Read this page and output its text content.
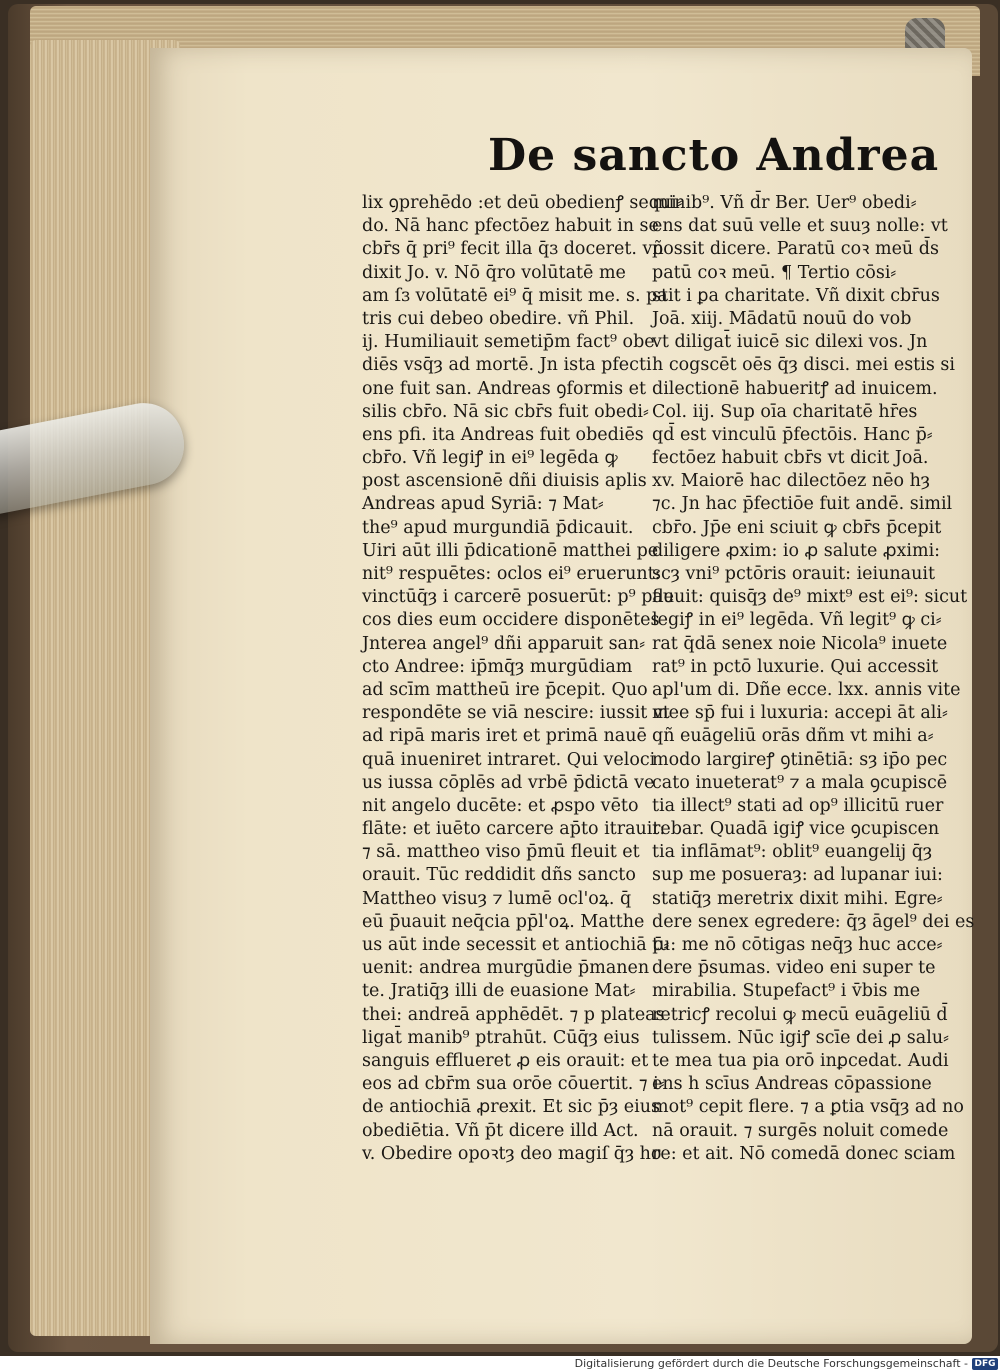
De sancto Andrea
lix ꝯprehēdo :et deū obedienꝭ sequi⸗
do. Nā hanc pfectōez habuit in se
cbr̄s q̄ pri⁹ fecit illa q̄ɜ doceret. vñ
dixit Jo. v. Nō q̄ro volūtatē me
am ſɜ volūtatē ei⁹ q̄ misit me. s. pa
tris cui debeo obedire. vñ Phil.
ij. Humiliauit semetip̄m fact⁹ obe
diēs vsq̄ȝ ad mortē. Jn ista pfecti
one fuit san. Andreas ꝯformis et
silis cbr̄o. Nā sic cbr̄s fuit obedi⸗
ens pfi. ita Andreas fuit obediēs
cbr̄o. Vñ legiꝭ in ei⁹ legēda ꝙ
post ascensionē dñi diuisis aplis
Andreas apud Syriā: ⁊ Mat⸗
the⁹ apud murgundiā p̄dicauit.
Uiri aūt illi p̄dicationē matthei pe
nit⁹ respuētes: oclos ei⁹ eruerunt:
vinctūq̄ȝ i carcerē posuerūt: p⁹ pau
cos dies eum occidere disponētes
Jnterea angel⁹ dñi apparuit san⸗
cto Andree: ip̄mq̄ȝ murgūdiam
ad scīm mattheū ire p̄cepit. Quo
respondēte se viā nescire: iussit vt
ad ripā maris iret et primā nauē
quā inueniret intraret. Qui veloci
us iussa cōplēs ad vrbē p̄dictā ve
nit angelo ducēte: et ꝓspo vēto
flāte: et iuēto carcere ap̄to itrauit:
⁊ sā. mattheo viso p̄mū fleuit et
orauit. Tūc reddidit dñs sancto
Mattheo visuȝ ⁊ lumē ocl'oꝝ. q̄
eū p̄uauit neq̄cia pp̄l'oꝝ. Matthe
us aūt inde secessit et antiochiā p̄⸗
uenit: andrea murgūdie p̄manen
te. Jratiq̄ȝ illi de euasione Mat⸗
thei: andreā apphēdēt. ⁊ p plateas
ligat̄ manib⁹ ptrahūt. Cūq̄ȝ eius
sanguis efflueret ꝓ eis orauit: et
eos ad cbr̄m sua orōe cōuertit. ⁊ i⸗
de antiochiā ꝓrexit. Et sic p̄ȝ eius
obediētia. Vñ p̄t dicere illd Act.
v. Obedire opoꝛtȝ deo magiſ q̄ȝ ho
minib⁹. Vñ d̄r Ber. Uer⁹ obedi⸗
ens dat suū velle et suuȝ nolle: vt
possit dicere. Paratū coꝛ meū d̄s
patū coꝛ meū. ¶ Tertio cōsi⸗
stit i ꝑa charitate. Vñ dixit cbr̄us
Joā. xiij. Mādatū nouū do vob
vt diligat̄ iuicē sic dilexi vos. Jn
h cogscēt oēs q̄ȝ disci. mei estis si
dilectionē habueritꝭ ad inuicem.
Col. iij. Sup oīa charitatē hr̄es
qd̄ est vinculū p̄fectōis. Hanc p̄⸗
fectōez habuit cbr̄s vt dicit Joā.
xv. Maiorē hac dilectōez nēo hȝ
⁊c. Jn hac p̄fectiōe fuit andē. simil
cbr̄o. Jp̄e eni sciuit ꝙ cbr̄s p̄cepit
diligere ꝓxim: io ꝓ salute ꝓximi:
scȝ vni⁹ pctōris orauit: ieiunauit
fleuit: quisq̄ȝ de⁹ mixt⁹ est ei⁹: sicut
legiꝭ in ei⁹ legēda. Vñ legit⁹ ꝙ ci⸗
rat q̄dā senex noie Nicola⁹ inuete
rat⁹ in pctō luxurie. Qui accessit
apl'um di. Dñe ecce. lxx. annis vite
mee sp̄ fui i luxuria: accepi āt ali⸗
qñ euāgeliū orās dñm vt mihi a⸗
modo largireꝭ ꝯtinētiā: sȝ ip̄o pec
cato inueterat⁹ ⁊ a mala ꝯcupiscē
tia illect⁹ stati ad op⁹ illicitū ruer
rebar. Quadā igiꝭ vice ꝯcupiscen
tia inflāmat⁹: oblit⁹ euangelij q̄ȝ
sup me posueraȝ: ad lupanar iui:
statiq̄ȝ meretrix dixit mihi. Egre⸗
dere senex egredere: q̄ȝ āgel⁹ dei es
tu: me nō cōtigas neq̄ȝ huc acce⸗
dere p̄sumas. video eni super te
mirabilia. Stupefact⁹ i v̄bis me
retricꝭ recolui ꝙ mecū euāgeliū d̄
tulissem. Nūc igiꝭ scīe dei ꝓ salu⸗
te mea tua pia orō inꝑcedat. Audi
ens h scīus Andreas cōpassione
mot⁹ cepit flere. ⁊ a ꝑtia vsq̄ȝ ad no
nā orauit. ⁊ surgēs noluit comede
re: et ait. Nō comedā donec sciam
Digitalisierung gefördert durch die Deutsche Forschungsgemeinschaft - DFG
